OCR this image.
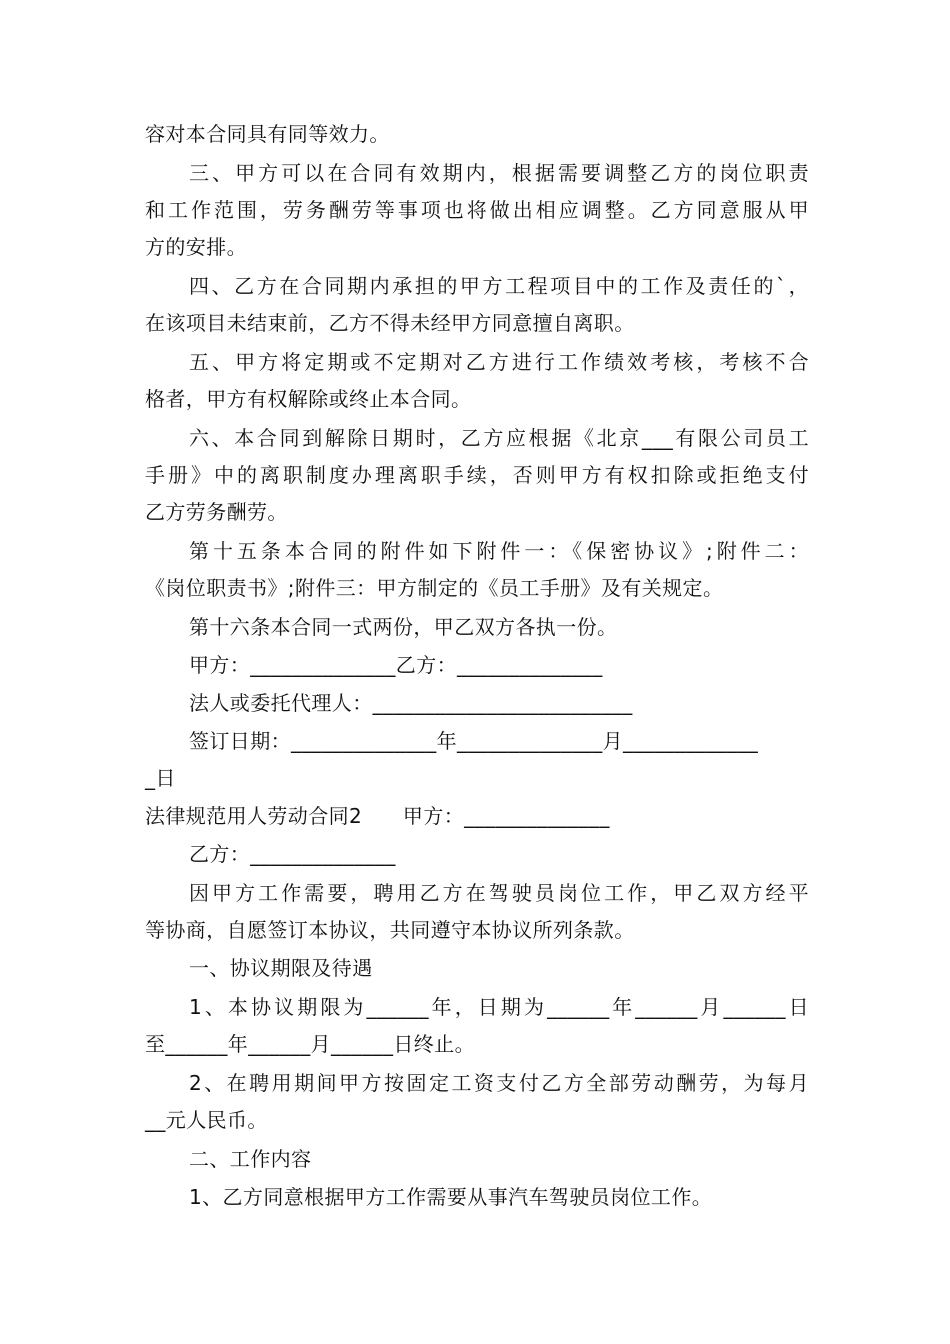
容对本合同具有同等效力。
三、甲方可以在合同有效期内，根据需要调整乙方的岗位职责
和工作范围，劳务酬劳等事项也将做出相应调整。乙方同意服从甲
方的安排。
四、乙方在合同期内承担的甲方工程项目中的工作及责任的`，
在该项目未结束前，乙方不得未经甲方同意擅自离职。
五、甲方将定期或不定期对乙方进行工作绩效考核，考核不合
格者，甲方有权解除或终止本合同。
六、本合同到解除日期时，乙方应根据《北京___有限公司员工
手册》中的离职制度办理离职手续，否则甲方有权扣除或拒绝支付
乙方劳务酬劳。
第十五条本合同的附件如下附件一：《保密协议》;附件二：
《岗位职责书》;附件三：甲方制定的《员工手册》及有关规定。
第十六条本合同一式两份，甲乙双方各执一份。
甲方：______________乙方：______________
法人或委托代理人：_________________________
签订日期：______________年______________月_____________
_日
法律规范用人劳动合同2　　甲方：______________
乙方：______________
因甲方工作需要，聘用乙方在驾驶员岗位工作，甲乙双方经平
等协商，自愿签订本协议，共同遵守本协议所列条款。
一、协议期限及待遇
1、本协议期限为______年，日期为______年______月______日
至______年______月______日终止。
2、在聘用期间甲方按固定工资支付乙方全部劳动酬劳，为每月
__元人民币。
二、工作内容
1、乙方同意根据甲方工作需要从事汽车驾驶员岗位工作。
